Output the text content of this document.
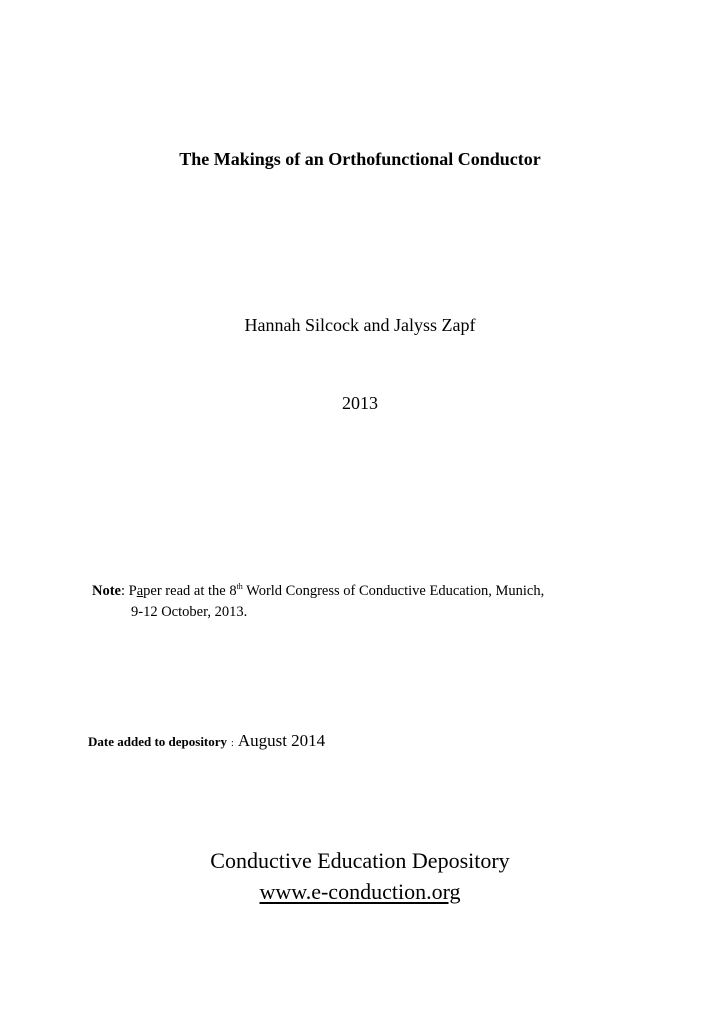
The Makings of an Orthofunctional Conductor

Hannah Silcock and Jalyss Zapf

2013

Note: Paper read at the 8th World Congress of Conductive Education, Munich,
9-12 October, 2013.

Date added to depository : August 2014

Conductive Education Depository

www.e-conduction.org
